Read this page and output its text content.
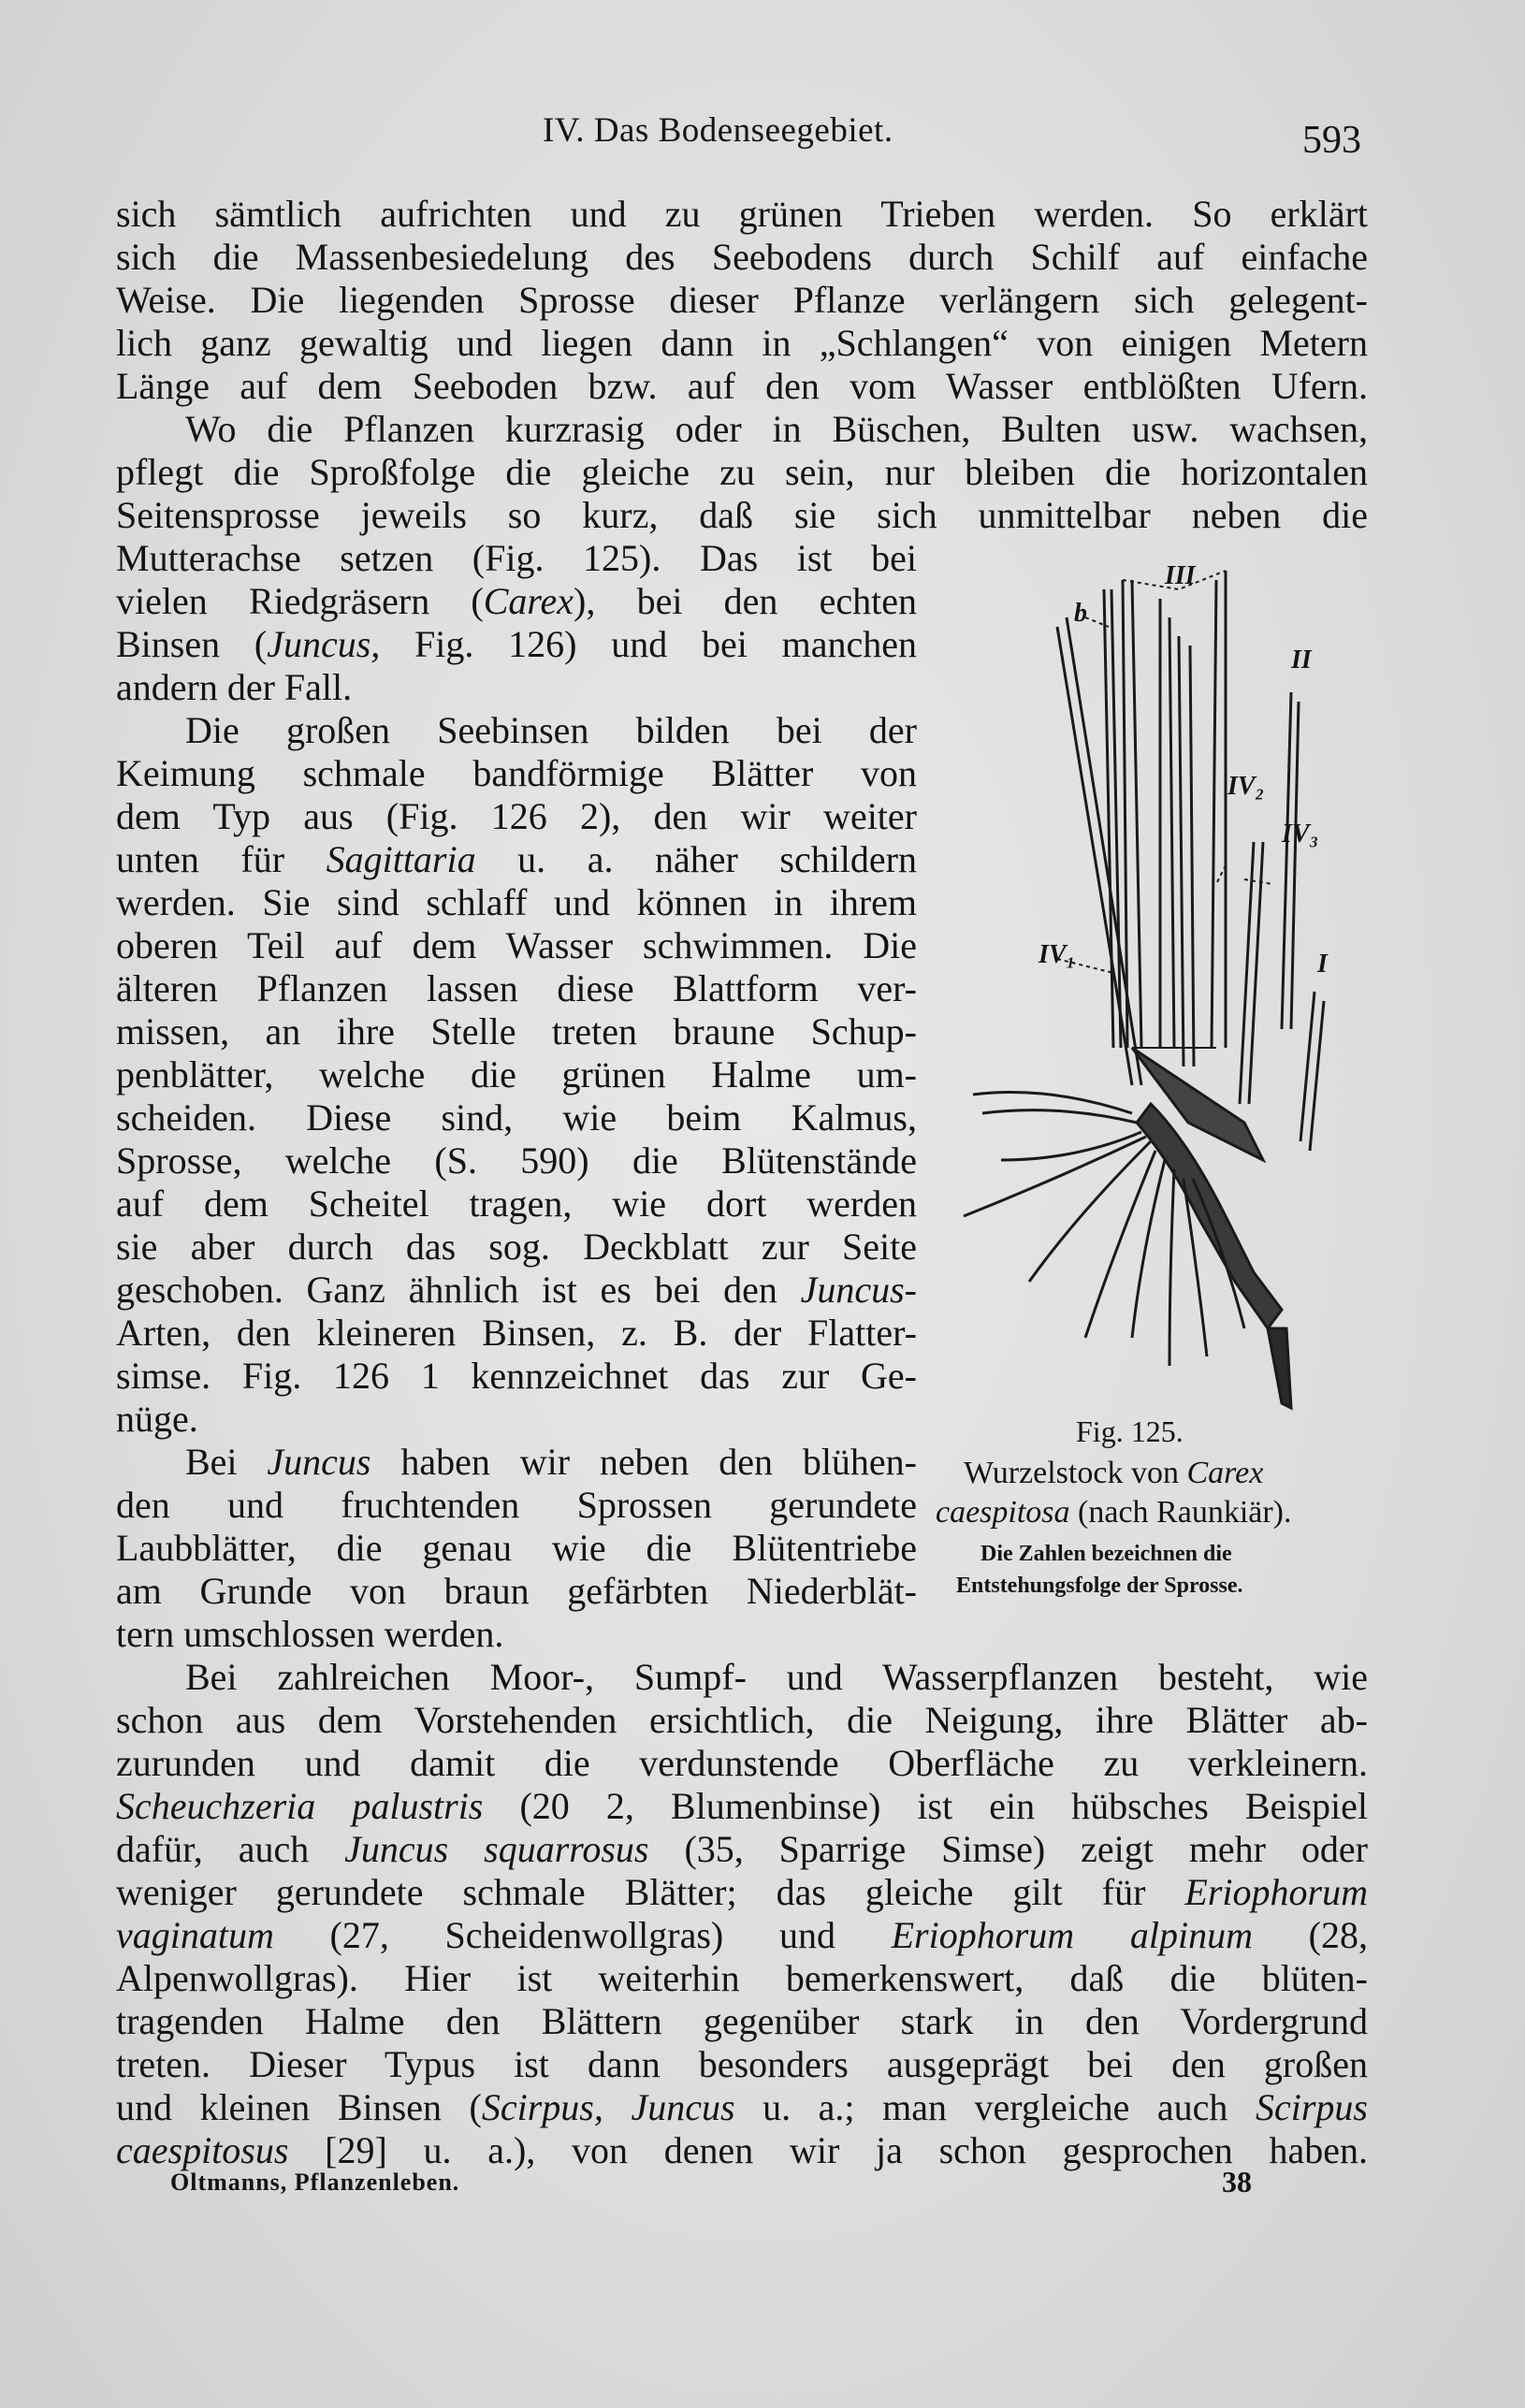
IV. Das Bodenseegebiet.	593
sich sämtlich aufrichten und zu grünen Trieben werden. So erklärt
sich die Massenbesiedelung des Seebodens durch Schilf auf einfache
Weise. Die liegenden Sprosse dieser Pflanze verlängern sich gelegent-
lich ganz gewaltig und liegen dann in „Schlangen“ von einigen Metern
Länge auf dem Seeboden bzw. auf den vom Wasser entblößten Ufern.
Wo die Pflanzen kurzrasig oder in Büschen, Bulten usw. wachsen,
pflegt die Sproßfolge die gleiche zu sein, nur bleiben die horizontalen
Seitensprosse jeweils so kurz, daß sie sich unmittelbar neben die
Mutterachse setzen (Fig. 125). Das ist bei
vielen Riedgräsern (Carex), bei den echten
Binsen (Juncus, Fig. 126) und bei manchen
andern der Fall.
Die großen Seebinsen bilden bei der
Keimung schmale bandförmige Blätter von
dem Typ aus (Fig. 126 2), den wir weiter
unten für Sagittaria u. a. näher schildern
werden. Sie sind schlaff und können in ihrem
oberen Teil auf dem Wasser schwimmen. Die
älteren Pflanzen lassen diese Blattform ver-
missen, an ihre Stelle treten braune Schup-
penblätter, welche die grünen Halme um-
scheiden. Diese sind, wie beim Kalmus,
Sprosse, welche (S. 590) die Blütenstände
auf dem Scheitel tragen, wie dort werden
sie aber durch das sog. Deckblatt zur Seite
geschoben. Ganz ähnlich ist es bei den Juncus-
Arten, den kleineren Binsen, z. B. der Flatter-
simse. Fig. 126 1 kennzeichnet das zur Ge-
nüge.
Bei Juncus haben wir neben den blühen-
den und fruchtenden Sprossen gerundete
Laubblätter, die genau wie die Blütentriebe
am Grunde von braun gefärbten Niederblät-
tern umschlossen werden.
Bei zahlreichen Moor-, Sumpf- und Wasserpflanzen besteht, wie
schon aus dem Vorstehenden ersichtlich, die Neigung, ihre Blätter ab-
zurunden und damit die verdunstende Oberfläche zu verkleinern.
Scheuchzeria palustris (20 2, Blumenbinse) ist ein hübsches Beispiel
dafür, auch Juncus squarrosus (35, Sparrige Simse) zeigt mehr oder
weniger gerundete schmale Blätter; das gleiche gilt für Eriophorum
vaginatum (27, Scheidenwollgras) und Eriophorum alpinum (28,
Alpenwollgras). Hier ist weiterhin bemerkenswert, daß die blüten-
tragenden Halme den Blättern gegenüber stark in den Vordergrund
treten. Dieser Typus ist dann besonders ausgeprägt bei den großen
und kleinen Binsen (Scirpus, Juncus u. a.; man vergleiche auch Scirpus
caespitosus [29] u. a.), von denen wir ja schon gesprochen haben.
b
III
II
IV₂
IV₃
IV₁	I
Fig. 125.
Wurzelstock von Carex
caespitosa (nach Raunkiär).
Die Zahlen bezeichnen die
Entstehungsfolge der Sprosse.
Oltmanns, Pflanzenleben.	38
